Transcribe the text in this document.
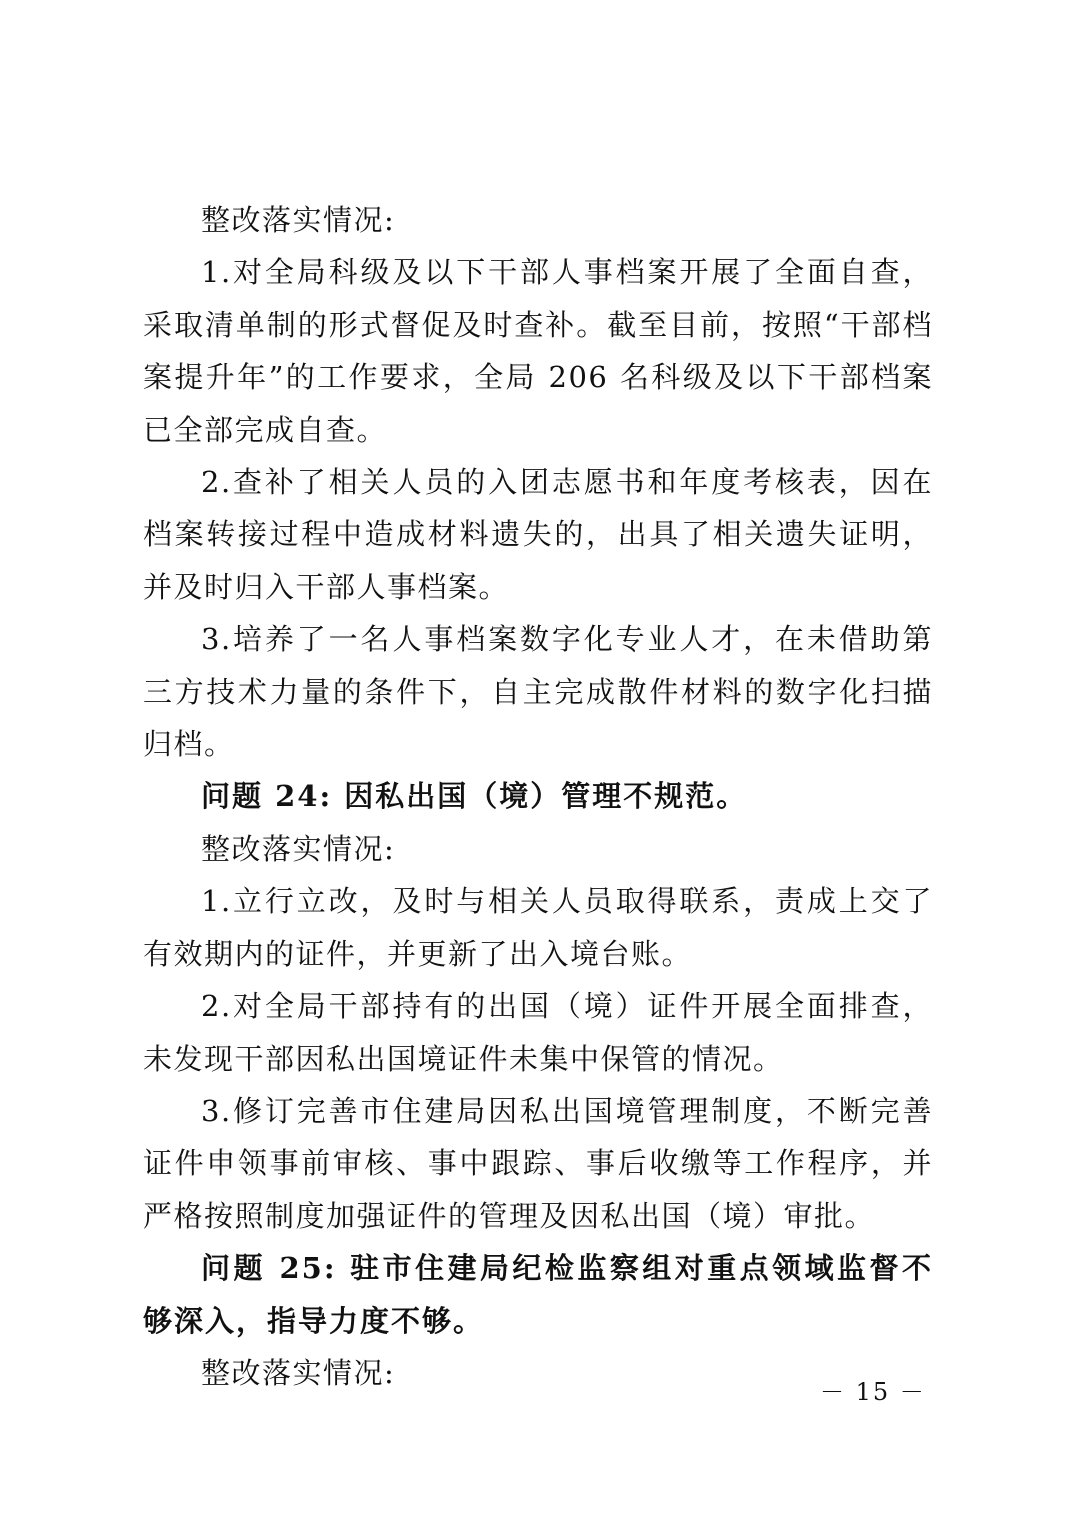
整改落实情况:

1.对全局科级及以下干部人事档案开展了全面自查，采取清单制的形式督促及时查补。截至目前，按照“干部档案提升年”的工作要求，全局 206 名科级及以下干部档案已全部完成自查。

2.查补了相关人员的入团志愿书和年度考核表，因在档案转接过程中造成材料遗失的，出具了相关遗失证明，并及时归入干部人事档案。

3.培养了一名人事档案数字化专业人才，在未借助第三方技术力量的条件下，自主完成散件材料的数字化扫描归档。

问题 24: 因私出国（境）管理不规范。

整改落实情况:

1.立行立改，及时与相关人员取得联系，责成上交了有效期内的证件，并更新了出入境台账。

2.对全局干部持有的出国（境）证件开展全面排查，未发现干部因私出国境证件未集中保管的情况。

3.修订完善市住建局因私出国境管理制度，不断完善证件申领事前审核、事中跟踪、事后收缴等工作程序，并严格按照制度加强证件的管理及因私出国（境）审批。

问题 25: 驻市住建局纪检监察组对重点领域监督不够深入，指导力度不够。

整改落实情况:

－ 15 －
